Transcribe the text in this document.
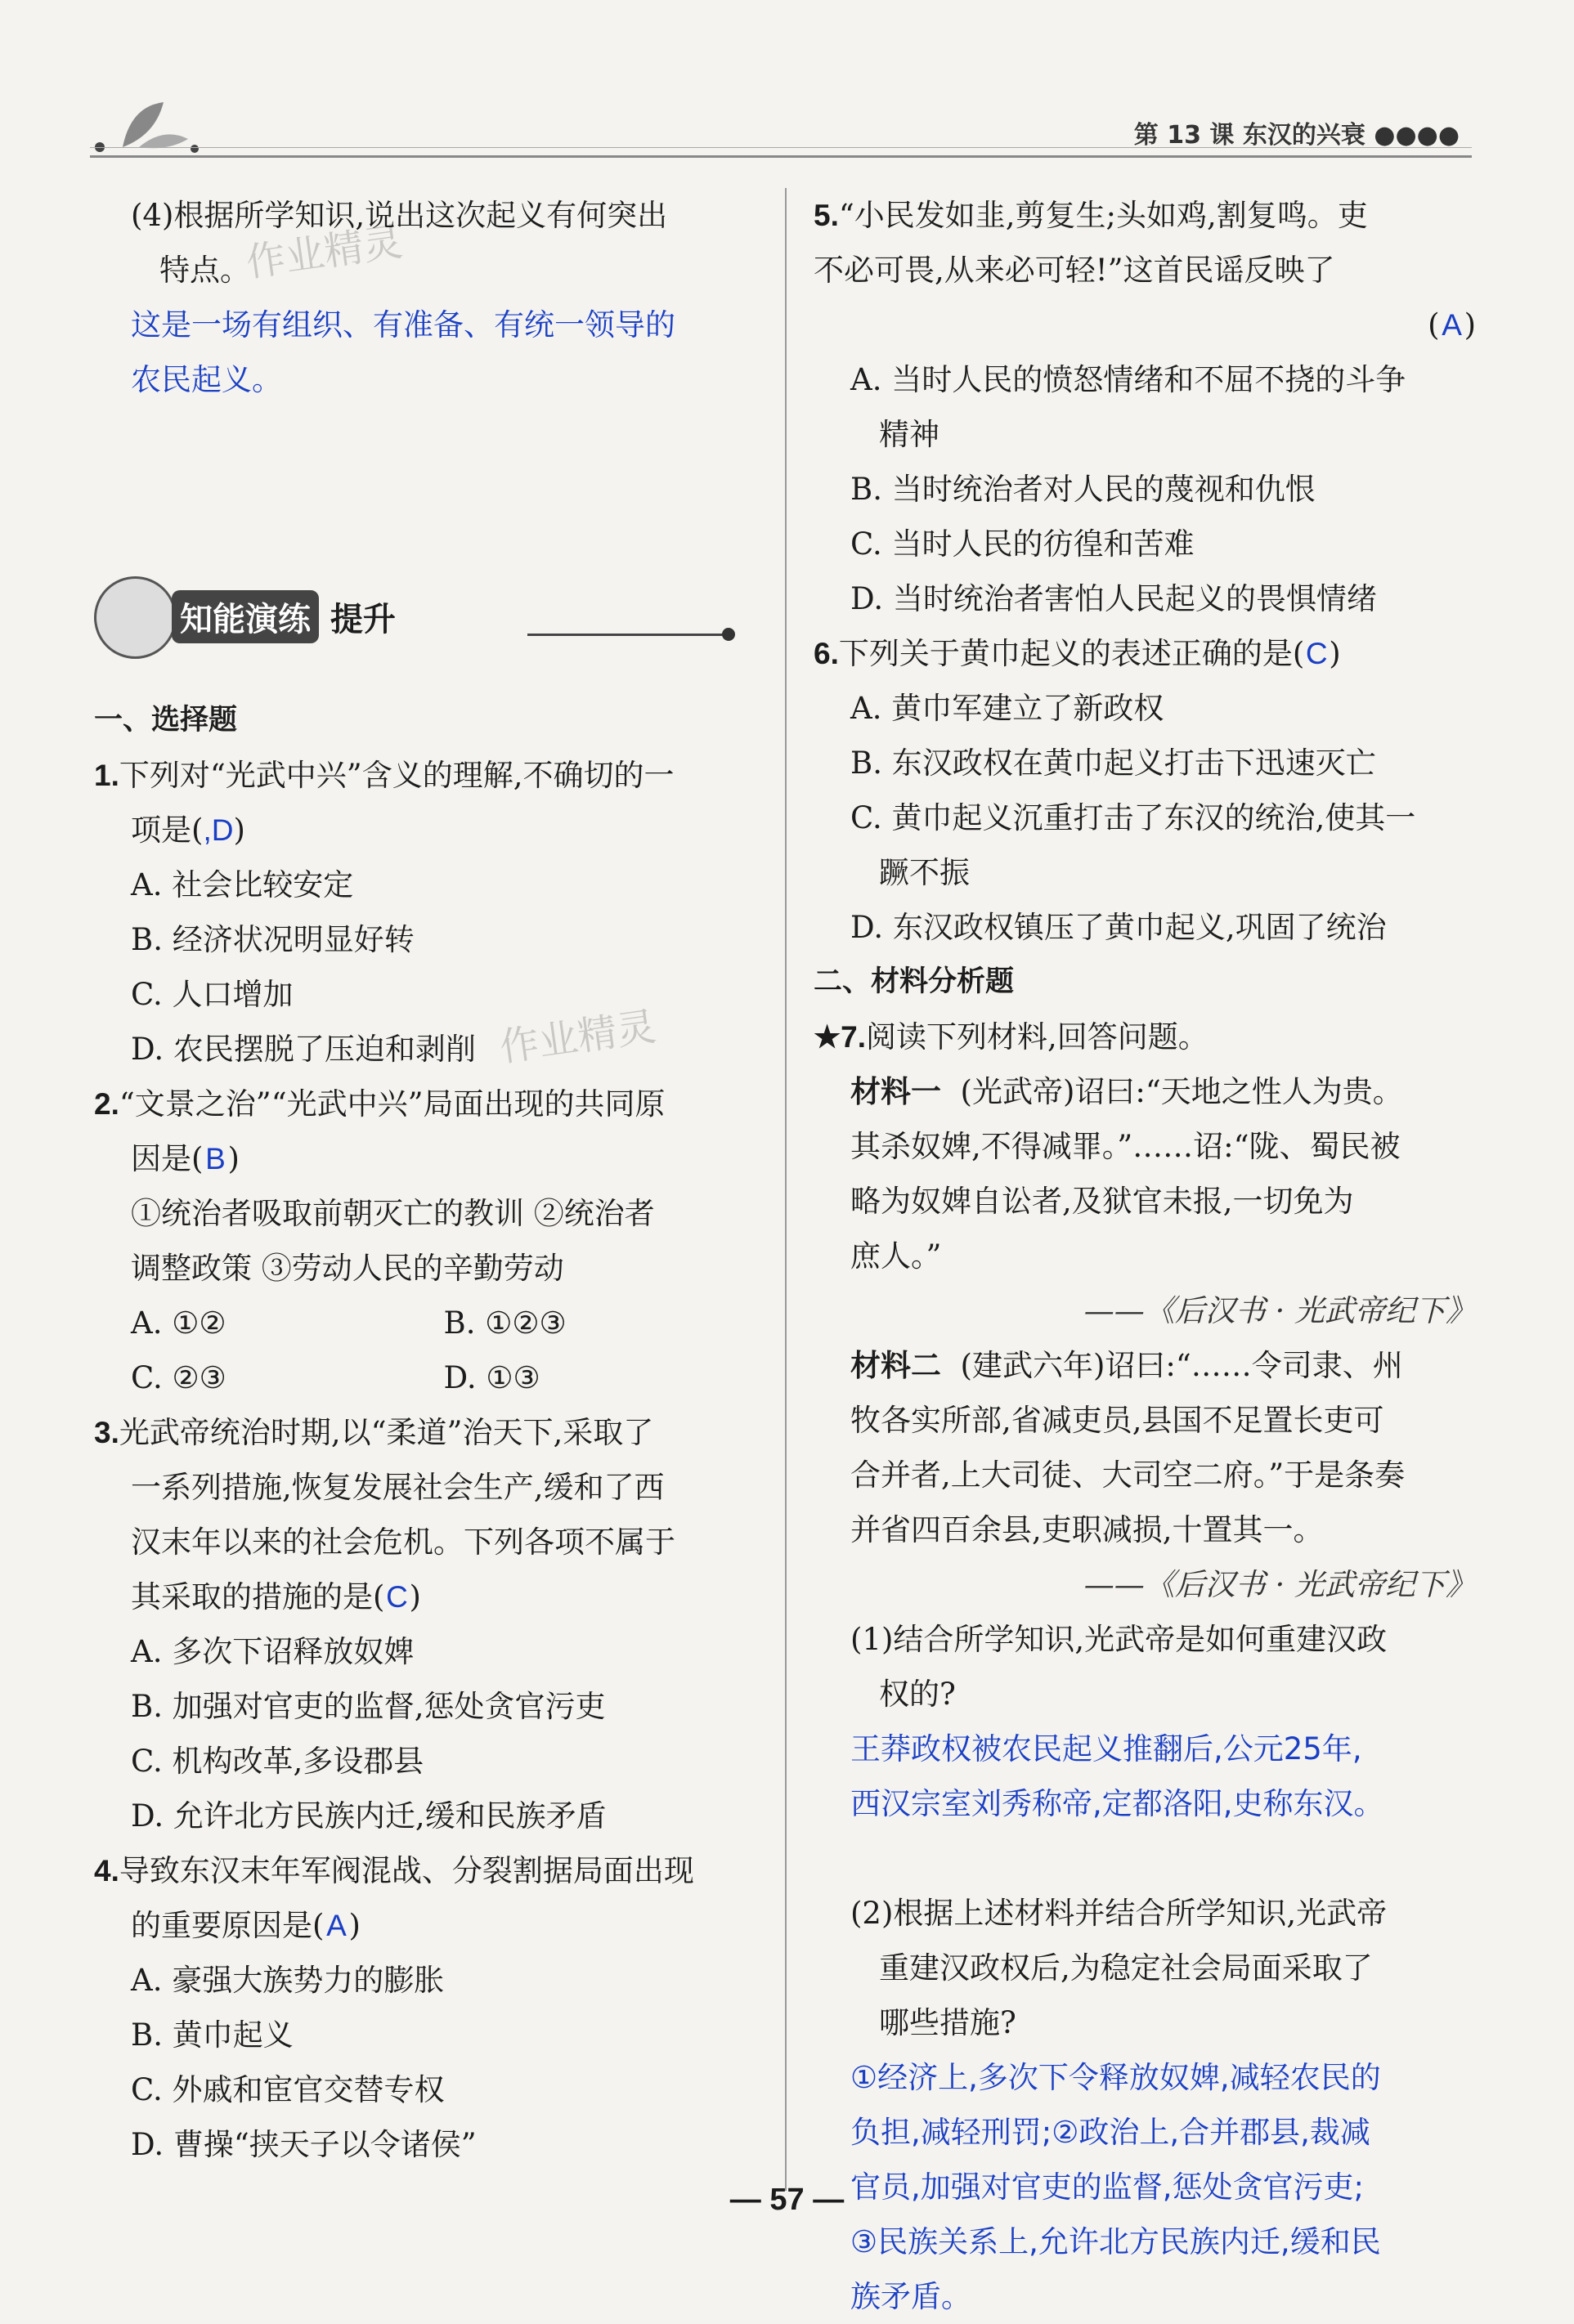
第 13 课 东汉的兴衰 ●●●●
作业精灵
作业精灵
(4)根据所学知识,说出这次起义有何突出
特点。
这是一场有组织、有准备、有统一领导的
农民起义。
知能演练 提升
一、选择题
1.下列对“光武中兴”含义的理解,不确切的一
项是(,D)
A. 社会比较安定
B. 经济状况明显好转
C. 人口增加
D. 农民摆脱了压迫和剥削
2.“文景之治”“光武中兴”局面出现的共同原
因是(B)
①统治者吸取前朝灭亡的教训 ②统治者
调整政策 ③劳动人民的辛勤劳动
A. ①②	B. ①②③
C. ②③	D. ①③
3.光武帝统治时期,以“柔道”治天下,采取了
一系列措施,恢复发展社会生产,缓和了西
汉末年以来的社会危机。下列各项不属于
其采取的措施的是(C)
A. 多次下诏释放奴婢
B. 加强对官吏的监督,惩处贪官污吏
C. 机构改革,多设郡县
D. 允许北方民族内迁,缓和民族矛盾
4.导致东汉末年军阀混战、分裂割据局面出现
的重要原因是(A)
A. 豪强大族势力的膨胀
B. 黄巾起义
C. 外戚和宦官交替专权
D. 曹操“挟天子以令诸侯”
5.“小民发如韭,剪复生;头如鸡,割复鸣。吏
不必可畏,从来必可轻!”这首民谣反映了
(A)
A. 当时人民的愤怒情绪和不屈不挠的斗争
精神
B. 当时统治者对人民的蔑视和仇恨
C. 当时人民的彷徨和苦难
D. 当时统治者害怕人民起义的畏惧情绪
6.下列关于黄巾起义的表述正确的是(C)
A. 黄巾军建立了新政权
B. 东汉政权在黄巾起义打击下迅速灭亡
C. 黄巾起义沉重打击了东汉的统治,使其一
蹶不振
D. 东汉政权镇压了黄巾起义,巩固了统治
二、材料分析题
★7.阅读下列材料,回答问题。
材料一 (光武帝)诏曰:“天地之性人为贵。
其杀奴婢,不得减罪。”……诏:“陇、蜀民被
略为奴婢自讼者,及狱官未报,一切免为
庶人。”
——《后汉书 · 光武帝纪下》
材料二 (建武六年)诏曰:“……令司隶、州
牧各实所部,省减吏员,县国不足置长吏可
合并者,上大司徒、大司空二府。”于是条奏
并省四百余县,吏职减损,十置其一。
——《后汉书 · 光武帝纪下》
(1)结合所学知识,光武帝是如何重建汉政
权的?
王莽政权被农民起义推翻后,公元25年,
西汉宗室刘秀称帝,定都洛阳,史称东汉。

(2)根据上述材料并结合所学知识,光武帝
重建汉政权后,为稳定社会局面采取了
哪些措施?
①经济上,多次下令释放奴婢,减轻农民的
负担,减轻刑罚;②政治上,合并郡县,裁减
官员,加强对官吏的监督,惩处贪官污吏;
③民族关系上,允许北方民族内迁,缓和民
族矛盾。
— 57 —
